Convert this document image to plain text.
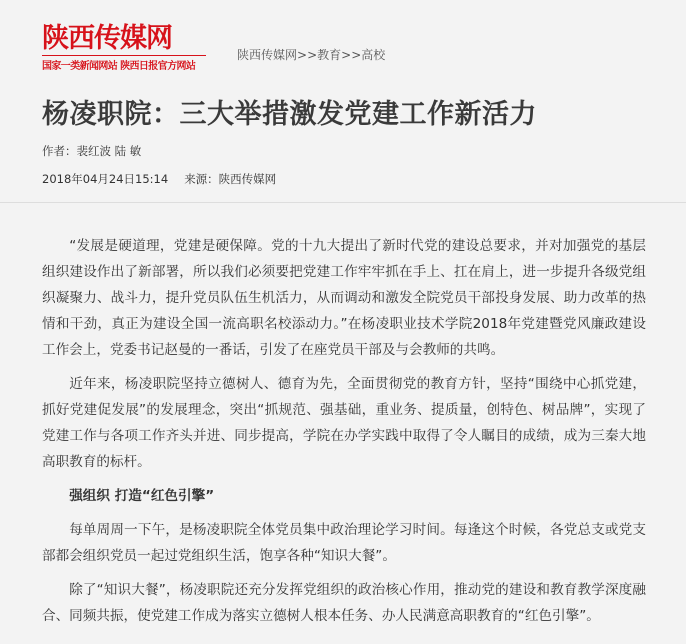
陕西传媒网
国家一类新闻网站 陕西日报官方网站
陕西传媒网>>教育>>高校
杨凌职院：三大举措激发党建工作新活力
作者：裴红波 陆 敏
2018年04月24日15:14 来源：陕西传媒网

“发展是硬道理，党建是硬保障。党的十九大提出了新时代党的建设总要求，并对加强党的基层组织建设作出了新部署，所以我们必须要把党建工作牢牢抓在手上、扛在肩上，进一步提升各级党组织凝聚力、战斗力，提升党员队伍生机活力，从而调动和激发全院党员干部投身发展、助力改革的热情和干劲，真正为建设全国一流高职名校添动力。”在杨凌职业技术学院2018年党建暨党风廉政建设工作会上，党委书记赵曼的一番话，引发了在座党员干部及与会教师的共鸣。

近年来，杨凌职院坚持立德树人、德育为先，全面贯彻党的教育方针，坚持“围绕中心抓党建，抓好党建促发展”的发展理念，突出“抓规范、强基础，重业务、提质量，创特色、树品牌”，实现了党建工作与各项工作齐头并进、同步提高，学院在办学实践中取得了令人瞩目的成绩，成为三秦大地高职教育的标杆。

强组织 打造“红色引擎”

每单周周一下午，是杨凌职院全体党员集中政治理论学习时间。每逢这个时候，各党总支或党支部都会组织党员一起过党组织生活，饱享各种“知识大餐”。

除了“知识大餐”，杨凌职院还充分发挥党组织的政治核心作用，推动党的建设和教育教学深度融合、同频共振，使党建工作成为落实立德树人根本任务、办人民满意高职教育的“红色引擎”。
